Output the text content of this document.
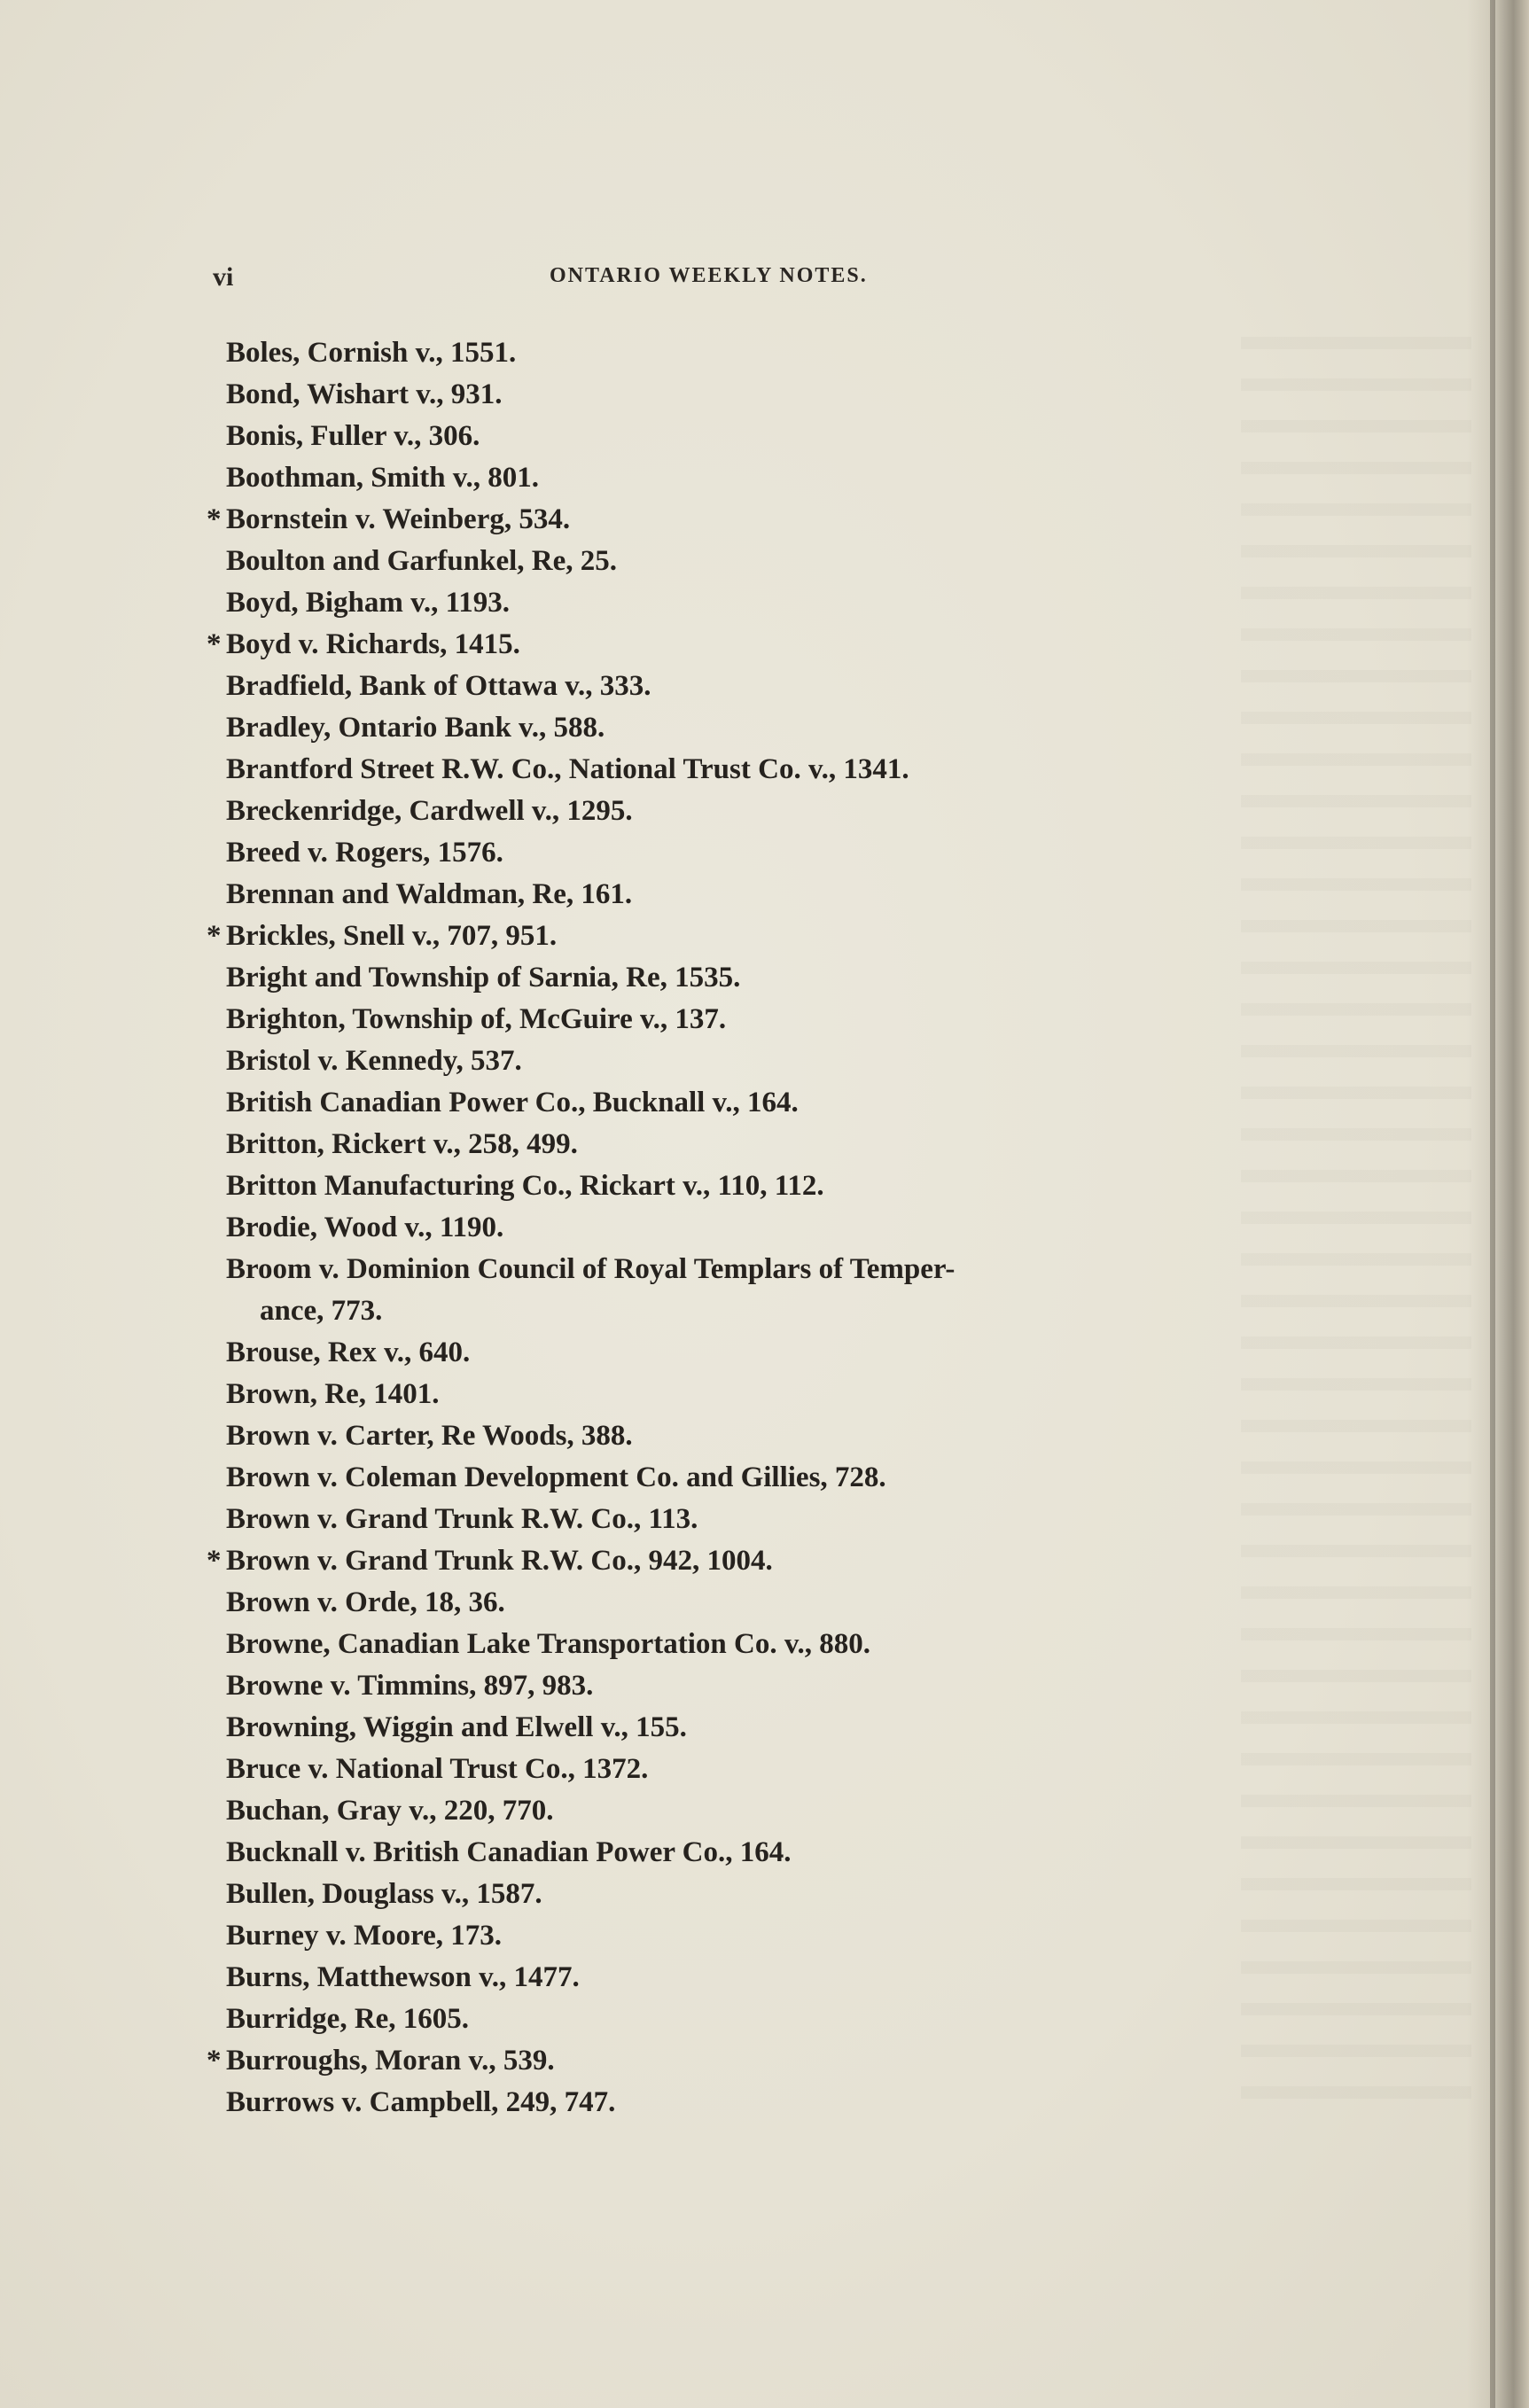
vi	ONTARIO WEEKLY NOTES.
Boles, Cornish v., 1551.
Bond, Wishart v., 931.
Bonis, Fuller v., 306.
Boothman, Smith v., 801.
* Bornstein v. Weinberg, 534.
Boulton and Garfunkel, Re, 25.
Boyd, Bigham v., 1193.
* Boyd v. Richards, 1415.
Bradfield, Bank of Ottawa v., 333.
Bradley, Ontario Bank v., 588.
Brantford Street R.W. Co., National Trust Co. v., 1341.
Breckenridge, Cardwell v., 1295.
Breed v. Rogers, 1576.
Brennan and Waldman, Re, 161.
* Brickles, Snell v., 707, 951.
Bright and Township of Sarnia, Re, 1535.
Brighton, Township of, McGuire v., 137.
Bristol v. Kennedy, 537.
British Canadian Power Co., Bucknall v., 164.
Britton, Rickert v., 258, 499.
Britton Manufacturing Co., Rickart v., 110, 112.
Brodie, Wood v., 1190.
Broom v. Dominion Council of Royal Templars of Temper-
ance, 773.
Brouse, Rex v., 640.
Brown, Re, 1401.
Brown v. Carter, Re Woods, 388.
Brown v. Coleman Development Co. and Gillies, 728.
Brown v. Grand Trunk R.W. Co., 113.
* Brown v. Grand Trunk R.W. Co., 942, 1004.
Brown v. Orde, 18, 36.
Browne, Canadian Lake Transportation Co. v., 880.
Browne v. Timmins, 897, 983.
Browning, Wiggin and Elwell v., 155.
Bruce v. National Trust Co., 1372.
Buchan, Gray v., 220, 770.
Bucknall v. British Canadian Power Co., 164.
Bullen, Douglass v., 1587.
Burney v. Moore, 173.
Burns, Matthewson v., 1477.
Burridge, Re, 1605.
* Burroughs, Moran v., 539.
Burrows v. Campbell, 249, 747.
